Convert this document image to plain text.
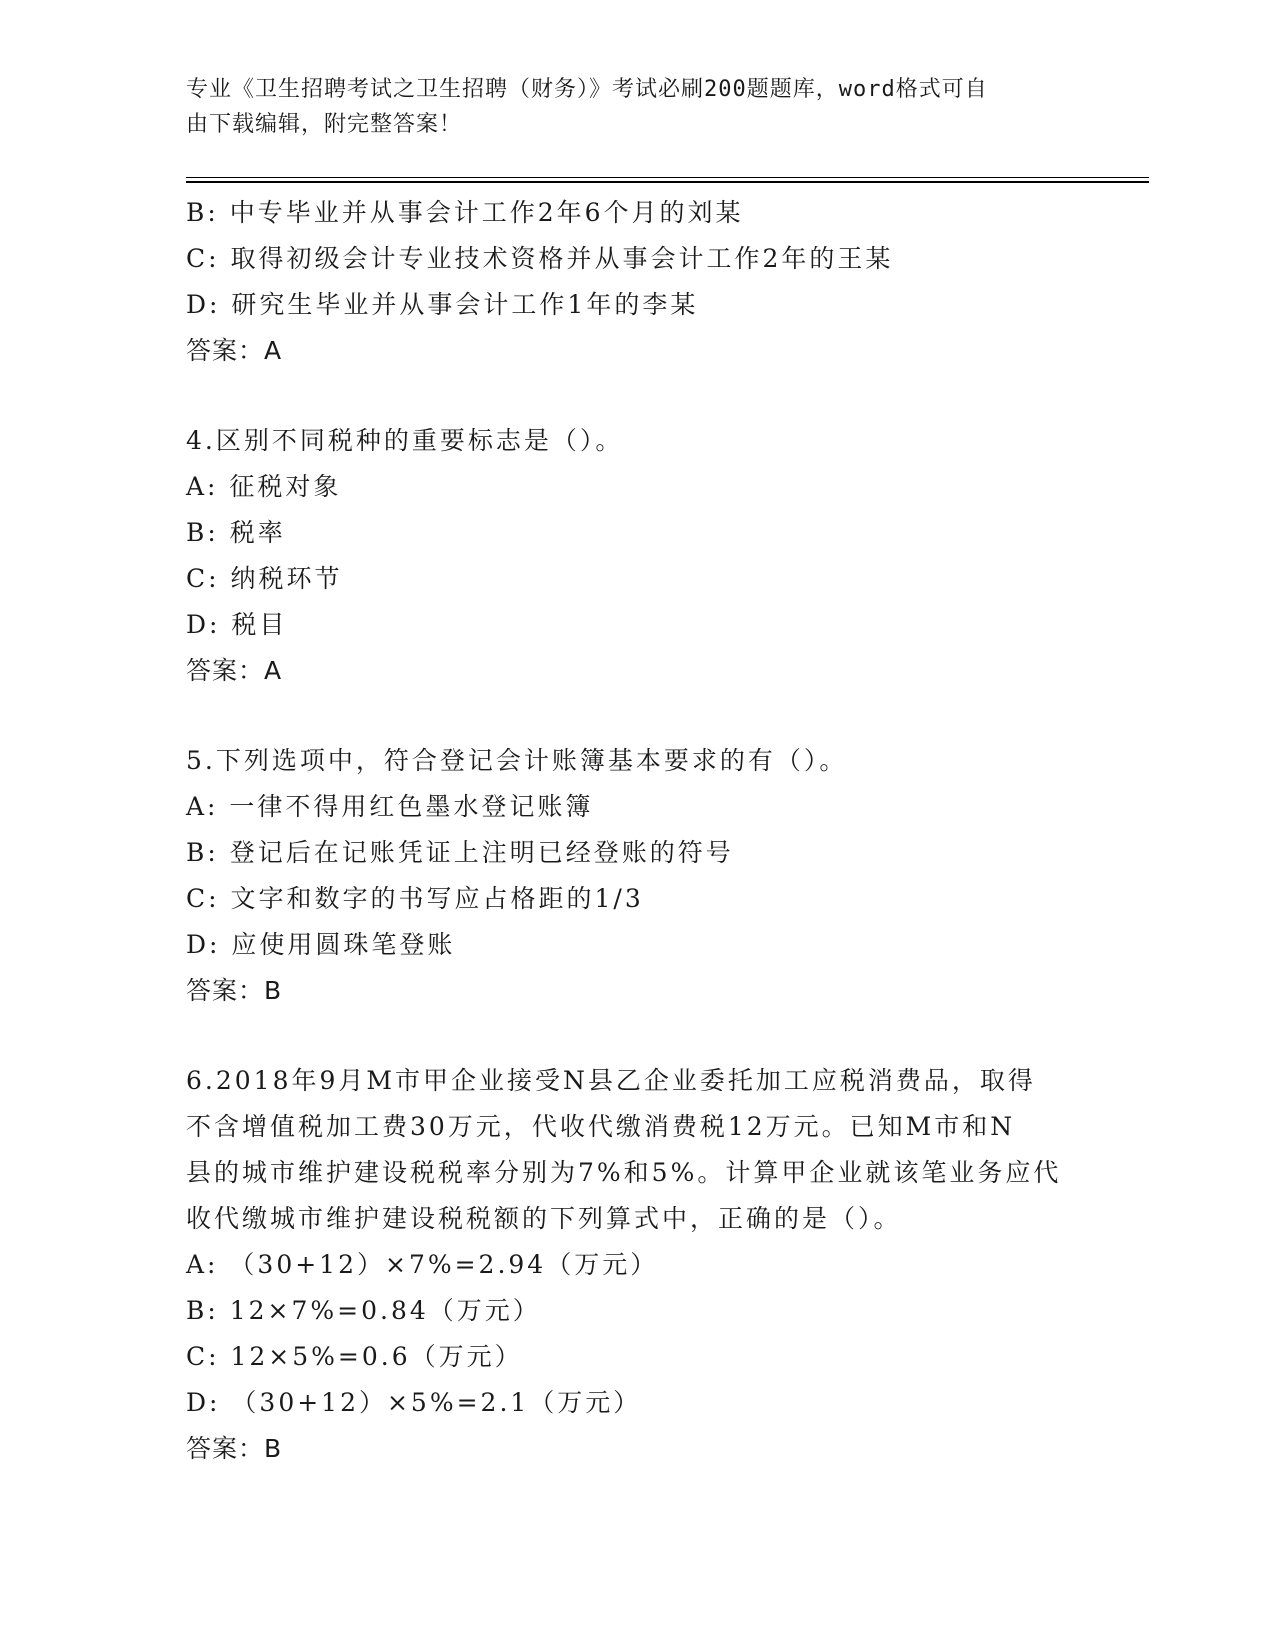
专业《卫生招聘考试之卫生招聘（财务）》考试必刷200题题库，word格式可自
由下载编辑，附完整答案！
B: 中专毕业并从事会计工作2年6个月的刘某
C: 取得初级会计专业技术资格并从事会计工作2年的王某
D: 研究生毕业并从事会计工作1年的李某
答案：A
4.区别不同税种的重要标志是（）。
A: 征税对象
B: 税率
C: 纳税环节
D: 税目
答案：A
5.下列选项中，符合登记会计账簿基本要求的有（）。
A: 一律不得用红色墨水登记账簿
B: 登记后在记账凭证上注明已经登账的符号
C: 文字和数字的书写应占格距的1/3
D: 应使用圆珠笔登账
答案：B
6.2018年9月M市甲企业接受N县乙企业委托加工应税消费品，取得
不含增值税加工费30万元，代收代缴消费税12万元。已知M市和N
县的城市维护建设税税率分别为7%和5%。计算甲企业就该笔业务应代
收代缴城市维护建设税税额的下列算式中，正确的是（）。
A: （30+12）×7%=2.94（万元）
B: 12×7%=0.84（万元）
C: 12×5%=0.6（万元）
D: （30+12）×5%=2.1（万元）
答案：B
